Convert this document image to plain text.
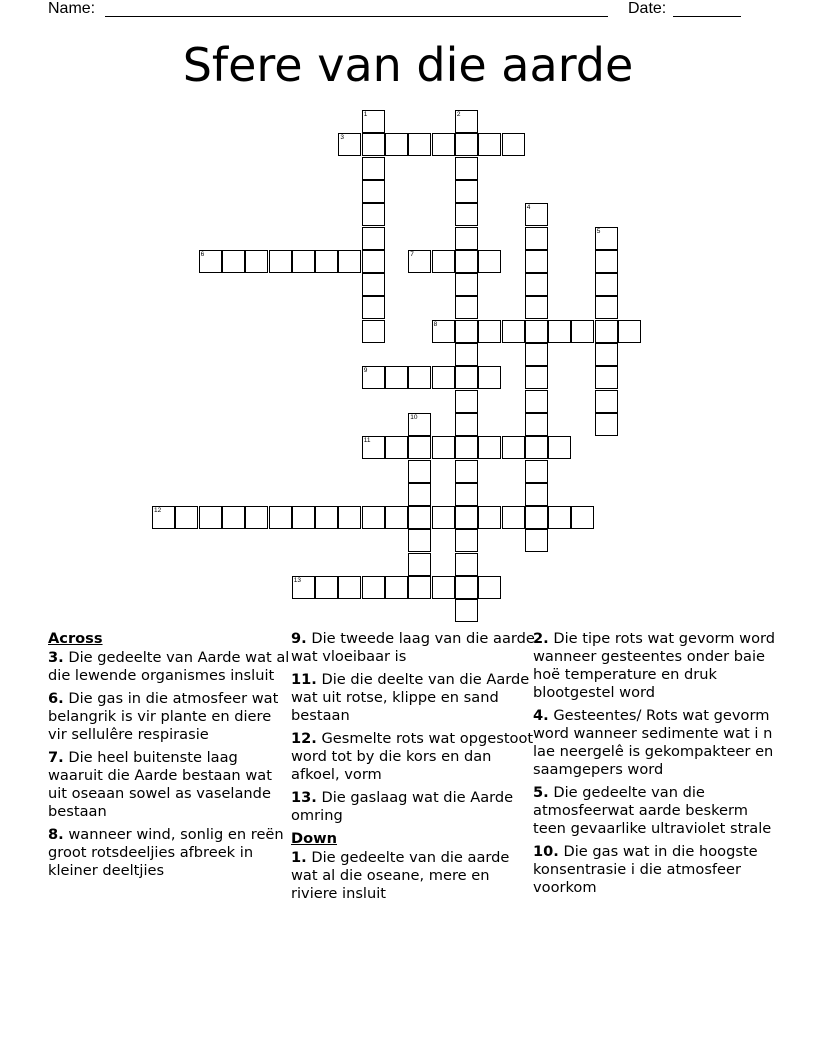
Name:	Date:
Sfere van die aarde
1	2
3
4
5
6	7
8
9
10
11
12
13
Across
3. Die gedeelte van Aarde wat al die lewende organismes insluit
6. Die gas in die atmosfeer wat belangrik is vir plante en diere vir sellulêre respirasie
7. Die heel buitenste laag waaruit die Aarde bestaan wat uit oseaan sowel as vaselande bestaan
8. wanneer wind, sonlig en reën groot rotsdeeljies afbreek in kleiner deeltjies
9. Die tweede laag van die aarde wat vloeibaar is
11. Die die deelte van die Aarde wat uit rotse, klippe en sand bestaan
12. Gesmelte rots wat opgestoot word tot by die kors en dan afkoel, vorm
13. Die gaslaag wat die Aarde omring
Down
1. Die gedeelte van die aarde wat al die oseane, mere en riviere insluit
2. Die tipe rots wat gevorm word wanneer gesteentes onder baie hoë temperature en druk blootgestel word
4. Gesteentes/ Rots wat gevorm word wanneer sedimente wat i n lae neergelê is gekompakteer en saamgepers word
5. Die gedeelte van die atmosfeerwat aarde beskerm teen gevaarlike ultraviolet strale
10. Die gas wat in die hoogste konsentrasie i die atmosfeer voorkom
